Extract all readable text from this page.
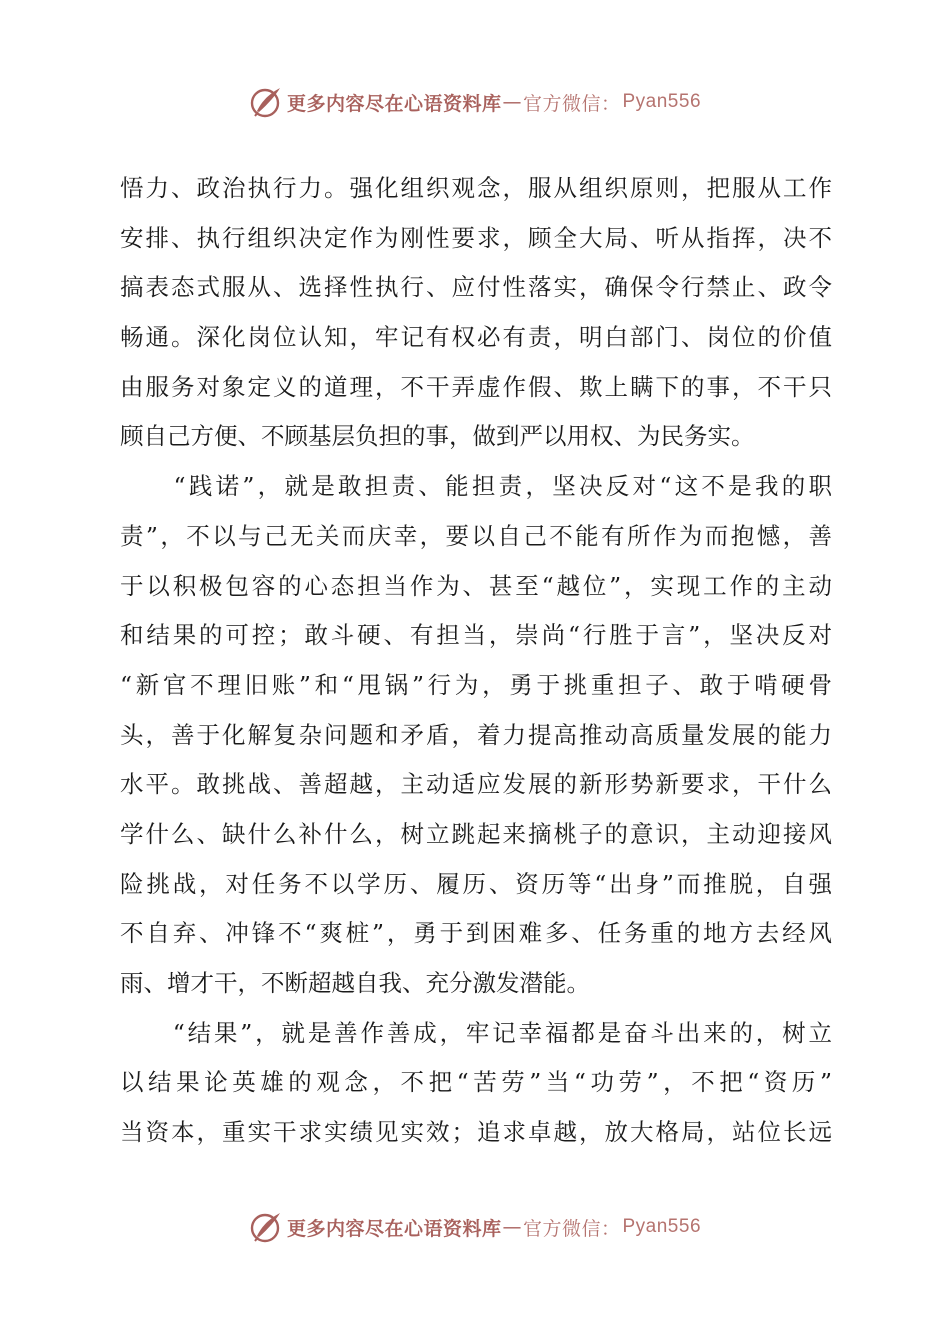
更多内容尽在心语资料库 — 官方微信： Pyan556
悟力、政治执行力。强化组织观念，服从组织原则，把服从工作
安排、执行组织决定作为刚性要求，顾全大局、听从指挥，决不
搞表态式服从、选择性执行、应付性落实，确保令行禁止、政令
畅通。深化岗位认知，牢记有权必有责，明白部门、岗位的价值
由服务对象定义的道理，不干弄虚作假、欺上瞒下的事，不干只
顾自己方便、不顾基层负担的事，做到严以用权、为民务实。
　　“践诺”，就是敢担责、能担责，坚决反对“这不是我的职
责”，不以与己无关而庆幸，要以自己不能有所作为而抱憾，善
于以积极包容的心态担当作为、甚至“越位”，实现工作的主动
和结果的可控；敢斗硬、有担当，崇尚“行胜于言”，坚决反对
“新官不理旧账”和“甩锅”行为，勇于挑重担子、敢于啃硬骨
头，善于化解复杂问题和矛盾，着力提高推动高质量发展的能力
水平。敢挑战、善超越，主动适应发展的新形势新要求，干什么
学什么、缺什么补什么，树立跳起来摘桃子的意识，主动迎接风
险挑战，对任务不以学历、履历、资历等“出身”而推脱，自强
不自弃、冲锋不“爽桩”，勇于到困难多、任务重的地方去经风
雨、增才干，不断超越自我、充分激发潜能。
　　“结果”，就是善作善成，牢记幸福都是奋斗出来的，树立
以结果论英雄的观念，不把“苦劳”当“功劳”，不把“资历”
当资本，重实干求实绩见实效；追求卓越，放大格局，站位长远
更多内容尽在心语资料库 — 官方微信： Pyan556
